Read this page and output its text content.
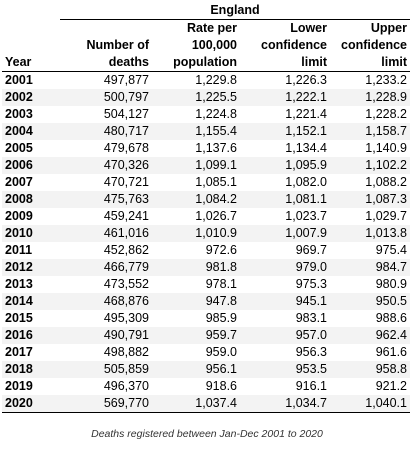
	England			
		Rate per	Lower	Upper
	Number of	100,000	confidence	confidence
Year	deaths	population	limit	limit
2001	497,877	1,229.8	1,226.3	1,233.2
2002	500,797	1,225.5	1,222.1	1,228.9
2003	504,127	1,224.8	1,221.4	1,228.2
2004	480,717	1,155.4	1,152.1	1,158.7
2005	479,678	1,137.6	1,134.4	1,140.9
2006	470,326	1,099.1	1,095.9	1,102.2
2007	470,721	1,085.1	1,082.0	1,088.2
2008	475,763	1,084.2	1,081.1	1,087.3
2009	459,241	1,026.7	1,023.7	1,029.7
2010	461,016	1,010.9	1,007.9	1,013.8
2011	452,862	972.6	969.7	975.4
2012	466,779	981.8	979.0	984.7
2013	473,552	978.1	975.3	980.9
2014	468,876	947.8	945.1	950.5
2015	495,309	985.9	983.1	988.6
2016	490,791	959.7	957.0	962.4
2017	498,882	959.0	956.3	961.6
2018	505,859	956.1	953.5	958.8
2019	496,370	918.6	916.1	921.2
2020	569,770	1,037.4	1,034.7	1,040.1
Deaths registered between Jan-Dec 2001 to 2020
